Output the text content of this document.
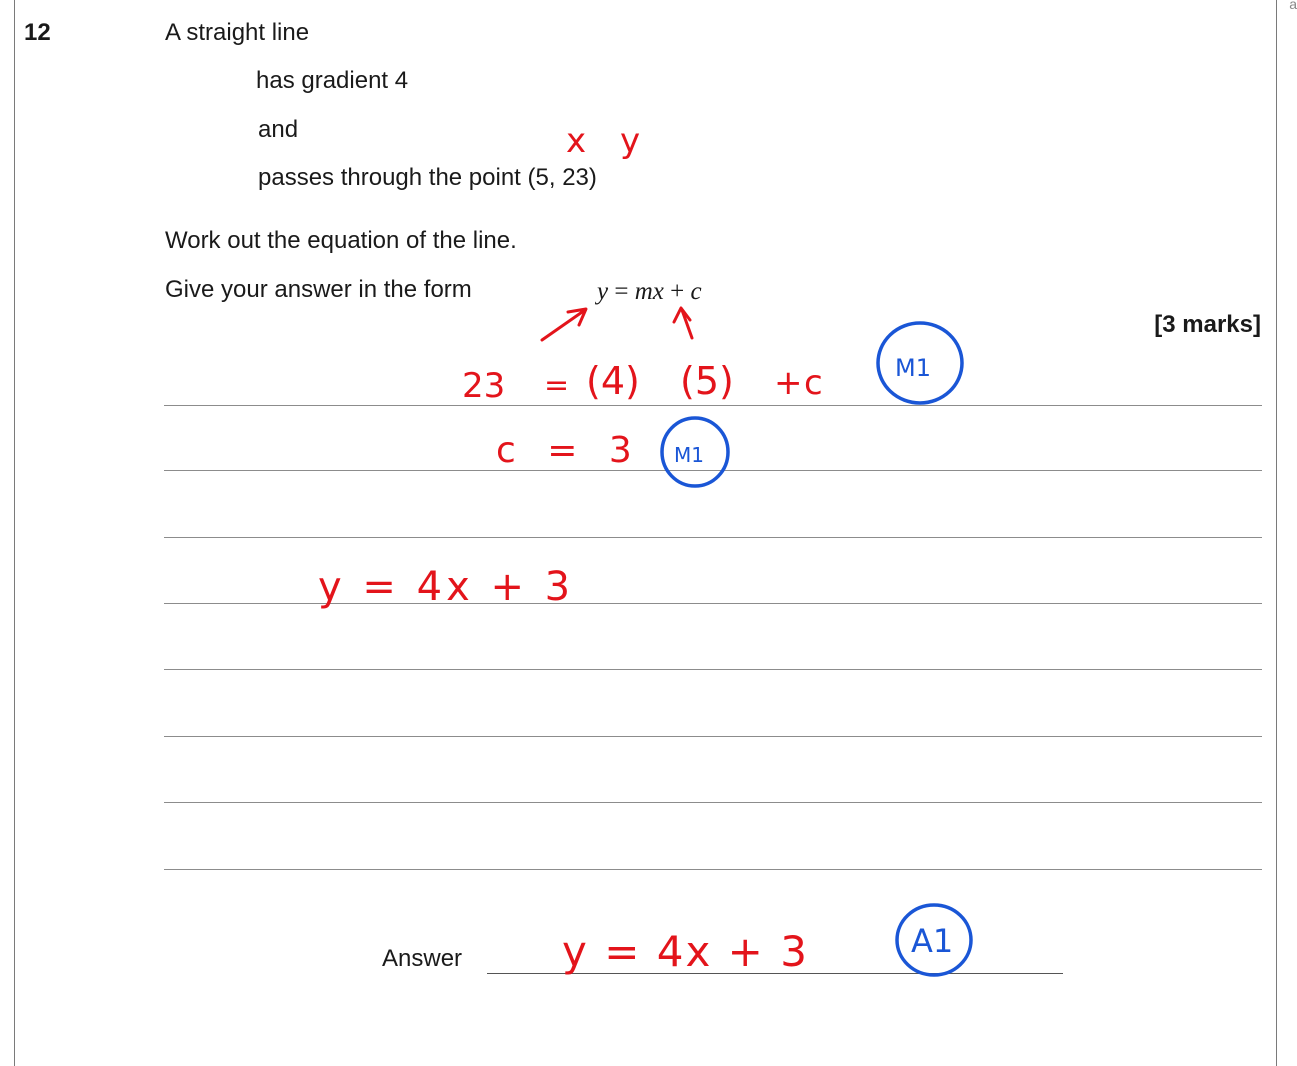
a
12	A straight line
has gradient 4
and
passes through the point (5, 23)
Work out the equation of the line.
Give your answer in the form	y = mx + c
[3 marks]
Answer
x y
23 = (4) (5) + c
c = 3
y = 4x + 3
y = 4x + 3
M1
M1
A1
